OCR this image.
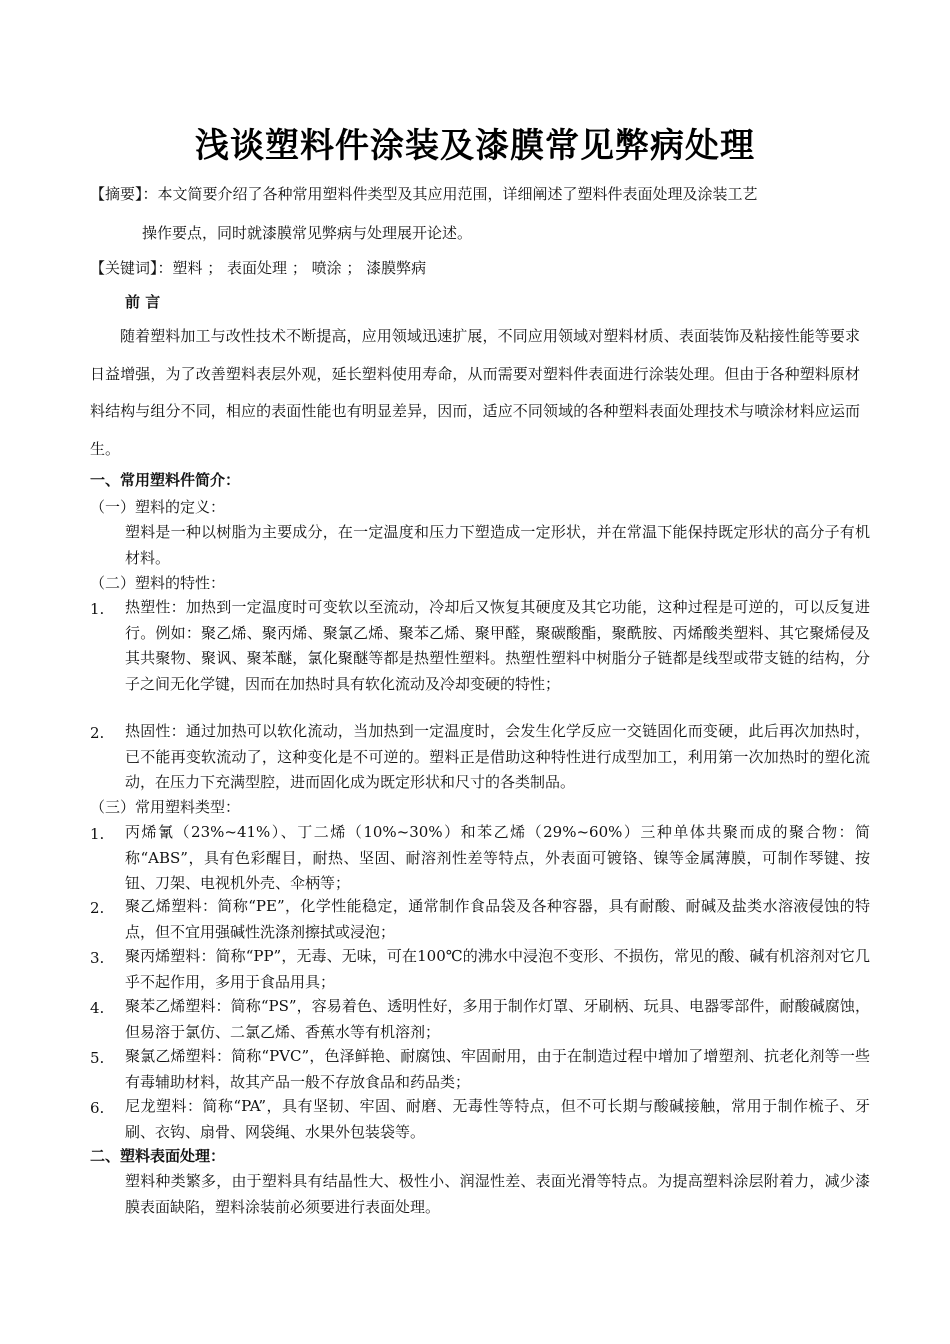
浅谈塑料件涂装及漆膜常见弊病处理
【摘要】：本文简要介绍了各种常用塑料件类型及其应用范围，详细阐述了塑料件表面处理及涂装工艺
操作要点，同时就漆膜常见弊病与处理展开论述。
【关键词】：塑料 ； 表面处理 ； 喷涂 ； 漆膜弊病
前 言
随着塑料加工与改性技术不断提高，应用领域迅速扩展，不同应用领域对塑料材质、表面装饰及粘接性能等要求日益增强，为了改善塑料表层外观，延长塑料使用寿命，从而需要对塑料件表面进行涂装处理。但由于各种塑料原材料结构与组分不同，相应的表面性能也有明显差异，因而，适应不同领域的各种塑料表面处理技术与喷涂材料应运而生。
一、常用塑料件简介：
（一）塑料的定义：
塑料是一种以树脂为主要成分，在一定温度和压力下塑造成一定形状，并在常温下能保持既定形状的高分子有机材料。
（二）塑料的特性：
1. 热塑性：加热到一定温度时可变软以至流动，冷却后又恢复其硬度及其它功能，这种过程是可逆的，可以反复进行。例如：聚乙烯、聚丙烯、聚氯乙烯、聚苯乙烯、聚甲醛，聚碳酸酯，聚酰胺、丙烯酸类塑料、其它聚烯侵及其共聚物、聚讽、聚苯醚，氯化聚醚等都是热塑性塑料。热塑性塑料中树脂分子链都是线型或带支链的结构，分子之间无化学键，因而在加热时具有软化流动及冷却变硬的特性；
2. 热固性：通过加热可以软化流动，当加热到一定温度时，会发生化学反应一交链固化而变硬，此后再次加热时，已不能再变软流动了，这种变化是不可逆的。塑料正是借助这种特性进行成型加工，利用第一次加热时的塑化流动，在压力下充满型腔，进而固化成为既定形状和尺寸的各类制品。
（三）常用塑料类型：
1. 丙烯氰（23%~41%）、丁二烯（10%~30%）和苯乙烯（29%~60%）三种单体共聚而成的聚合物：简称“ABS”，具有色彩醒目，耐热、坚固、耐溶剂性差等特点，外表面可镀铬、镍等金属薄膜，可制作琴键、按钮、刀架、电视机外壳、伞柄等；
2. 聚乙烯塑料：简称“PE”，化学性能稳定，通常制作食品袋及各种容器，具有耐酸、耐碱及盐类水溶液侵蚀的特点，但不宜用强碱性洗涤剂擦拭或浸泡；
3. 聚丙烯塑料：简称“PP”，无毒、无味，可在100℃的沸水中浸泡不变形、不损伤，常见的酸、碱有机溶剂对它几乎不起作用，多用于食品用具；
4. 聚苯乙烯塑料：简称“PS”，容易着色、透明性好，多用于制作灯罩、牙刷柄、玩具、电器零部件，耐酸碱腐蚀，但易溶于氯仿、二氯乙烯、香蕉水等有机溶剂；
5. 聚氯乙烯塑料：简称“PVC”，色泽鲜艳、耐腐蚀、牢固耐用，由于在制造过程中增加了增塑剂、抗老化剂等一些有毒辅助材料，故其产品一般不存放食品和药品类；
6. 尼龙塑料：简称“PA”，具有坚韧、牢固、耐磨、无毒性等特点，但不可长期与酸碱接触，常用于制作梳子、牙刷、衣钩、扇骨、网袋绳、水果外包装袋等。
二、塑料表面处理：
塑料种类繁多，由于塑料具有结晶性大、极性小、润湿性差、表面光滑等特点。为提高塑料涂层附着力，减少漆膜表面缺陷，塑料涂装前必须要进行表面处理。
